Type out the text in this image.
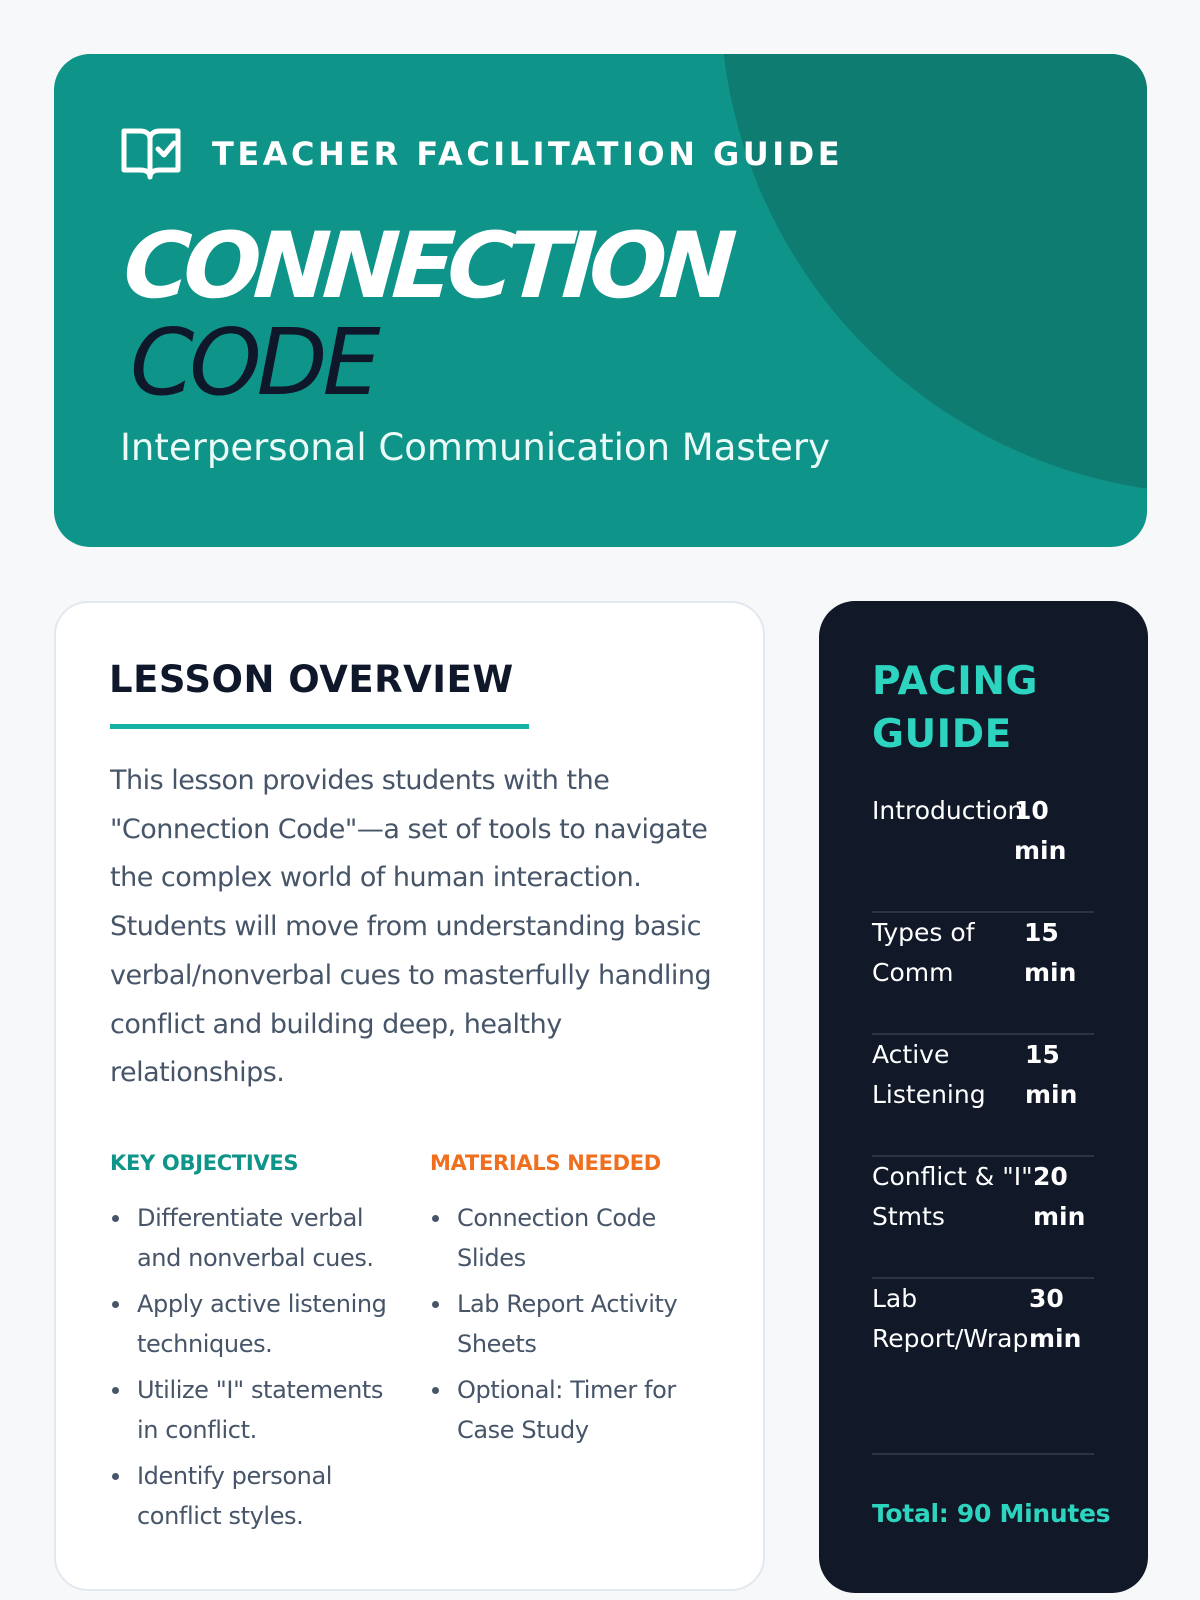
TEACHER FACILITATION GUIDE
CONNECTION
CODE
Interpersonal Communication Mastery
LESSON OVERVIEW

This lesson provides students with the "Connection Code"—a set of tools to navigate the complex world of human interaction. Students will move from understanding basic verbal/nonverbal cues to masterfully handling conflict and building deep, healthy relationships.

KEY OBJECTIVES
Differentiate verbal and nonverbal cues.
Apply active listening techniques.
Utilize "I" statements in conflict.
Identify personal conflict styles.
MATERIALS NEEDED
Connection Code Slides
Lab Report Activity Sheets
Optional: Timer for Case Study
PACING GUIDE
Introduction
10
min
Types of
Comm
15
min
Active
Listening
15
min
Conflict & "I"
Stmts
20
min
Lab
Report/Wrap
30
min
Total: 90 Minutes
